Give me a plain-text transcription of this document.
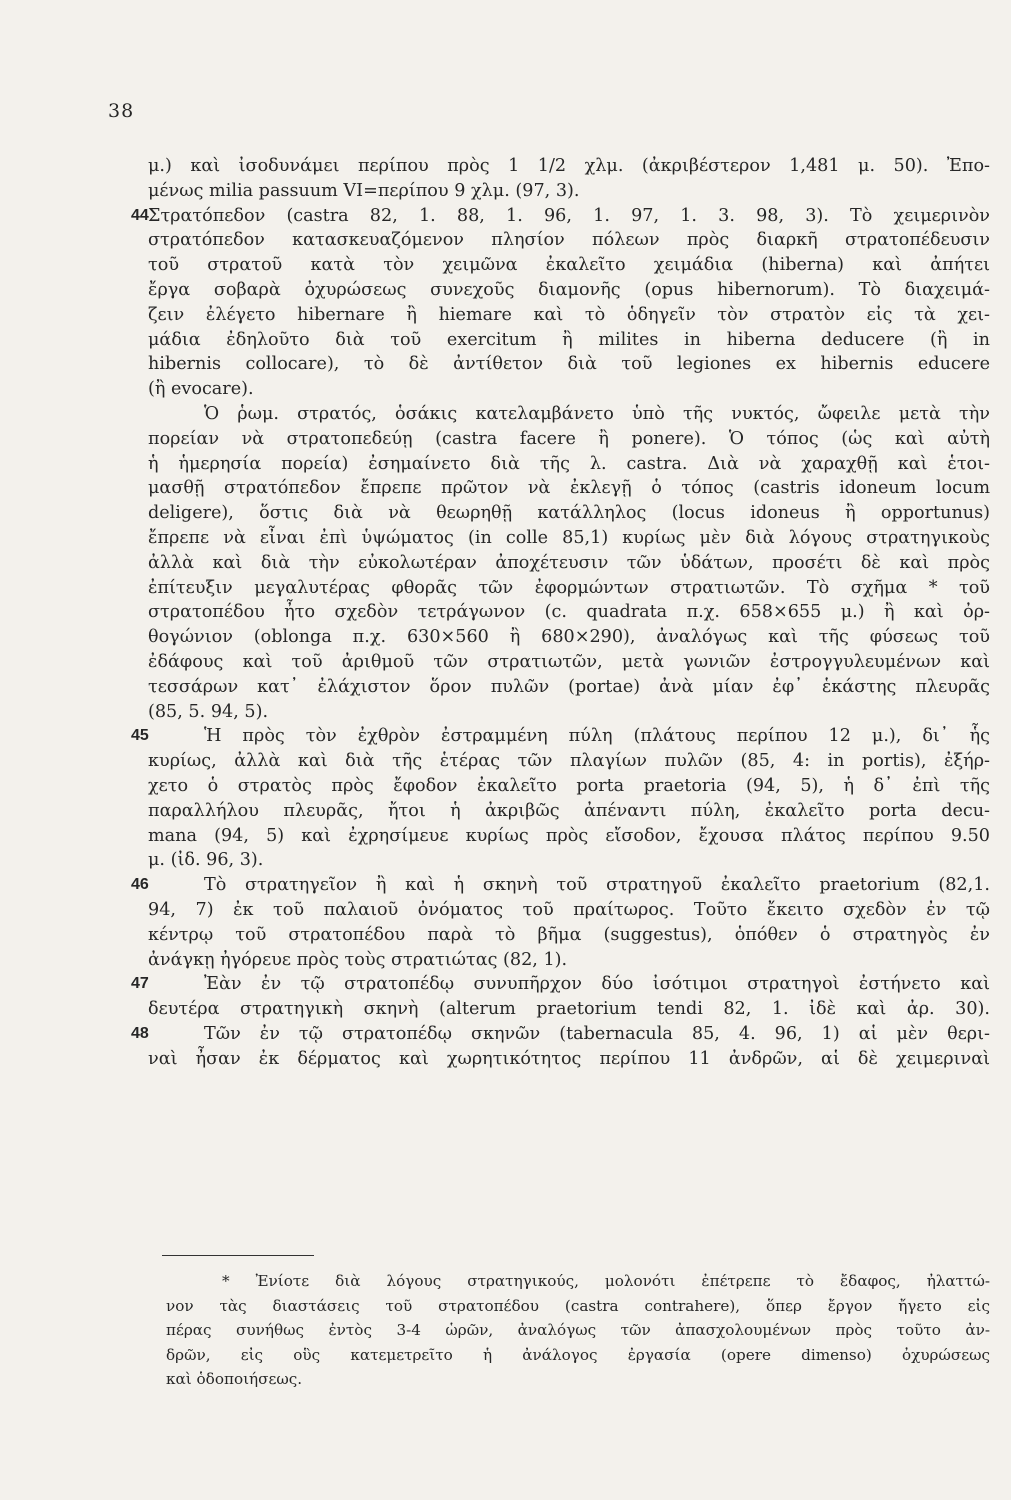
38
μ.) καὶ ἰσοδυνάμει περίπου πρὸς 1 1/2 χλμ. (ἀκριβέστερον 1,481 μ. 50). Ἐπο-
μένως milia passuum VI=περίπου 9 χλμ. (97, 3).
44 Στρατόπεδον (castra 82, 1. 88, 1. 96, 1. 97, 1. 3. 98, 3). Τὸ χειμερινὸν
στρατόπεδον κατασκευαζόμενον πλησίον πόλεων πρὸς διαρκῆ στρατοπέδευσιν
τοῦ στρατοῦ κατὰ τὸν χειμῶνα ἐκαλεῖτο χειμάδια (hiberna) καὶ ἀπήτει
ἔργα σοβαρὰ ὀχυρώσεως συνεχοῦς διαμονῆς (opus hibernorum). Τὸ διαχειμά-
ζειν ἐλέγετο hibernare ἢ hiemare καὶ τὸ ὁδηγεῖν τὸν στρατὸν εἰς τὰ χει-
μάδια ἐδηλοῦτο διὰ τοῦ exercitum ἢ milites in hiberna deducere (ἢ in
hibernis collocare), τὸ δὲ ἀντίθετον διὰ τοῦ legiones ex hibernis educere
(ἢ evocare).
Ὁ ῥωμ. στρατός, ὁσάκις κατελαμβάνετο ὑπὸ τῆς νυκτός, ὤφειλε μετὰ τὴν
πορείαν νὰ στρατοπεδεύῃ (castra facere ἢ ponere). Ὁ τόπος (ὡς καὶ αὐτὴ
ἡ ἡμερησία πορεία) ἐσημαίνετο διὰ τῆς λ. castra. Διὰ νὰ χαραχθῇ καὶ ἑτοι-
μασθῇ στρατόπεδον ἔπρεπε πρῶτον νὰ ἐκλεγῇ ὁ τόπος (castris idoneum locum
deligere), ὅστις διὰ νὰ θεωρηθῇ κατάλληλος (locus idoneus ἢ opportunus)
ἔπρεπε νὰ εἶναι ἐπὶ ὑψώματος (in colle 85,1) κυρίως μὲν διὰ λόγους στρατηγικοὺς
ἀλλὰ καὶ διὰ τὴν εὐκολωτέραν ἀποχέτευσιν τῶν ὑδάτων, προσέτι δὲ καὶ πρὸς
ἐπίτευξιν μεγαλυτέρας φθορᾶς τῶν ἐφορμώντων στρατιωτῶν. Τὸ σχῆμα * τοῦ
στρατοπέδου ἦτο σχεδὸν τετράγωνον (c. quadrata π.χ. 658×655 μ.) ἢ καὶ ὀρ-
θογώνιον (oblonga π.χ. 630×560 ἢ 680×290), ἀναλόγως καὶ τῆς φύσεως τοῦ
ἐδάφους καὶ τοῦ ἀριθμοῦ τῶν στρατιωτῶν, μετὰ γωνιῶν ἐστρογγυλευμένων καὶ
τεσσάρων κατ᾽ ἐλάχιστον ὅρον πυλῶν (portae) ἀνὰ μίαν ἐφ᾽ ἑκάστης πλευρᾶς
(85, 5. 94, 5).
45	Ἡ πρὸς τὸν ἐχθρὸν ἐστραμμένη πύλη (πλάτους περίπου 12 μ.), δι᾽ ἧς
κυρίως, ἀλλὰ καὶ διὰ τῆς ἑτέρας τῶν πλαγίων πυλῶν (85, 4: in portis), ἐξήρ-
χετο ὁ στρατὸς πρὸς ἔφοδον ἐκαλεῖτο porta praetoria (94, 5), ἡ δ᾽ ἐπὶ τῆς
παραλλήλου πλευρᾶς, ἤτοι ἡ ἀκριβῶς ἀπέναντι πύλη, ἐκαλεῖτο porta decu-
mana (94, 5) καὶ ἐχρησίμευε κυρίως πρὸς εἴσοδον, ἔχουσα πλάτος περίπου 9.50
μ. (ἰδ. 96, 3).
46	Τὸ στρατηγεῖον ἢ καὶ ἡ σκηνὴ τοῦ στρατηγοῦ ἐκαλεῖτο praetorium (82,1.
94, 7) ἐκ τοῦ παλαιοῦ ὀνόματος τοῦ πραίτωρος. Τοῦτο ἔκειτο σχεδὸν ἐν τῷ
κέντρῳ τοῦ στρατοπέδου παρὰ τὸ βῆμα (suggestus), ὁπόθεν ὁ στρατηγὸς ἐν
ἀνάγκῃ ἠγόρευε πρὸς τοὺς στρατιώτας (82, 1).
47	Ἐὰν ἐν τῷ στρατοπέδῳ συνυπῆρχον δύο ἰσότιμοι στρατηγοὶ ἐστήνετο καὶ
δευτέρα στρατηγικὴ σκηνὴ (alterum praetorium tendi 82, 1. ἰδὲ καὶ ἀρ. 30).
48	Τῶν ἐν τῷ στρατοπέδῳ σκηνῶν (tabernacula 85, 4. 96, 1) αἱ μὲν θερι-
ναὶ ἦσαν ἐκ δέρματος καὶ χωρητικότητος περίπου 11 ἀνδρῶν, αἱ δὲ χειμεριναὶ
* Ἐνίοτε διὰ λόγους στρατηγικούς, μολονότι ἐπέτρεπε τὸ ἔδαφος, ἠλαττώ-
νον τὰς διαστάσεις τοῦ στρατοπέδου (castra contrahere), ὅπερ ἔργον ἤγετο εἰς
πέρας συνήθως ἐντὸς 3-4 ὡρῶν, ἀναλόγως τῶν ἀπασχολουμένων πρὸς τοῦτο ἀν-
δρῶν, εἰς οὓς κατεμετρεῖτο ἡ ἀνάλογος ἐργασία (opere dimenso) ὀχυρώσεως
καὶ ὁδοποιήσεως.
